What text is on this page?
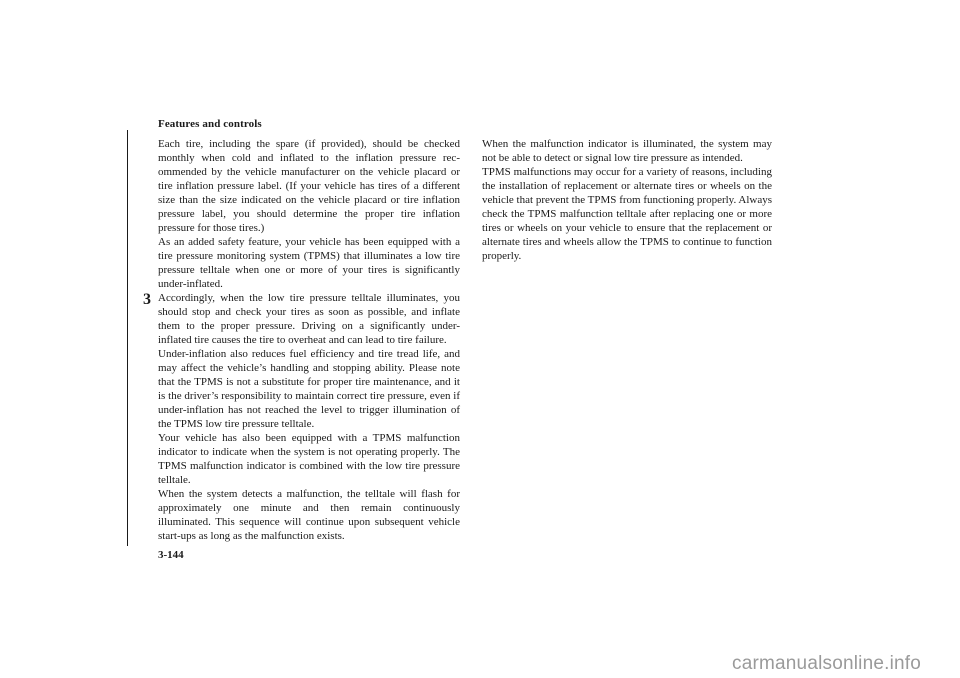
Features and controls
3

Each tire, including the spare (if provided), should be checked monthly when cold and inflated to the inflation pressure recommended by the vehicle manufacturer on the vehicle placard or tire inflation pressure label. (If your vehicle has tires of a different size than the size indicated on the vehicle placard or tire inflation pressure label, you should determine the proper tire inflation pressure for those tires.)

As an added safety feature, your vehicle has been equipped with a tire pressure monitoring system (TPMS) that illuminates a low tire pressure telltale when one or more of your tires is significantly under-inflated.

Accordingly, when the low tire pressure telltale illuminates, you should stop and check your tires as soon as possible, and inflate them to the proper pressure. Driving on a significantly under-inflated tire causes the tire to overheat and can lead to tire failure.

Under-inflation also reduces fuel efficiency and tire tread life, and may affect the vehicle’s handling and stopping ability. Please note that the TPMS is not a substitute for proper tire maintenance, and it is the driver’s responsibility to maintain correct tire pressure, even if under-inflation has not reached the level to trigger illumination of the TPMS low tire pressure telltale.

Your vehicle has also been equipped with a TPMS malfunction indicator to indicate when the system is not operating properly. The TPMS malfunction indicator is combined with the low tire pressure telltale.

When the system detects a malfunction, the telltale will flash for approximately one minute and then remain continuously illuminated. This sequence will continue upon subsequent vehicle start-ups as long as the malfunction exists.

When the malfunction indicator is illuminated, the system may not be able to detect or signal low tire pressure as intended.

TPMS malfunctions may occur for a variety of reasons, including the installation of replacement or alternate tires or wheels on the vehicle that prevent the TPMS from functioning properly. Always check the TPMS malfunction telltale after replacing one or more tires or wheels on your vehicle to ensure that the replacement or alternate tires and wheels allow the TPMS to continue to function properly.

3-144
carmanualsonline.info
